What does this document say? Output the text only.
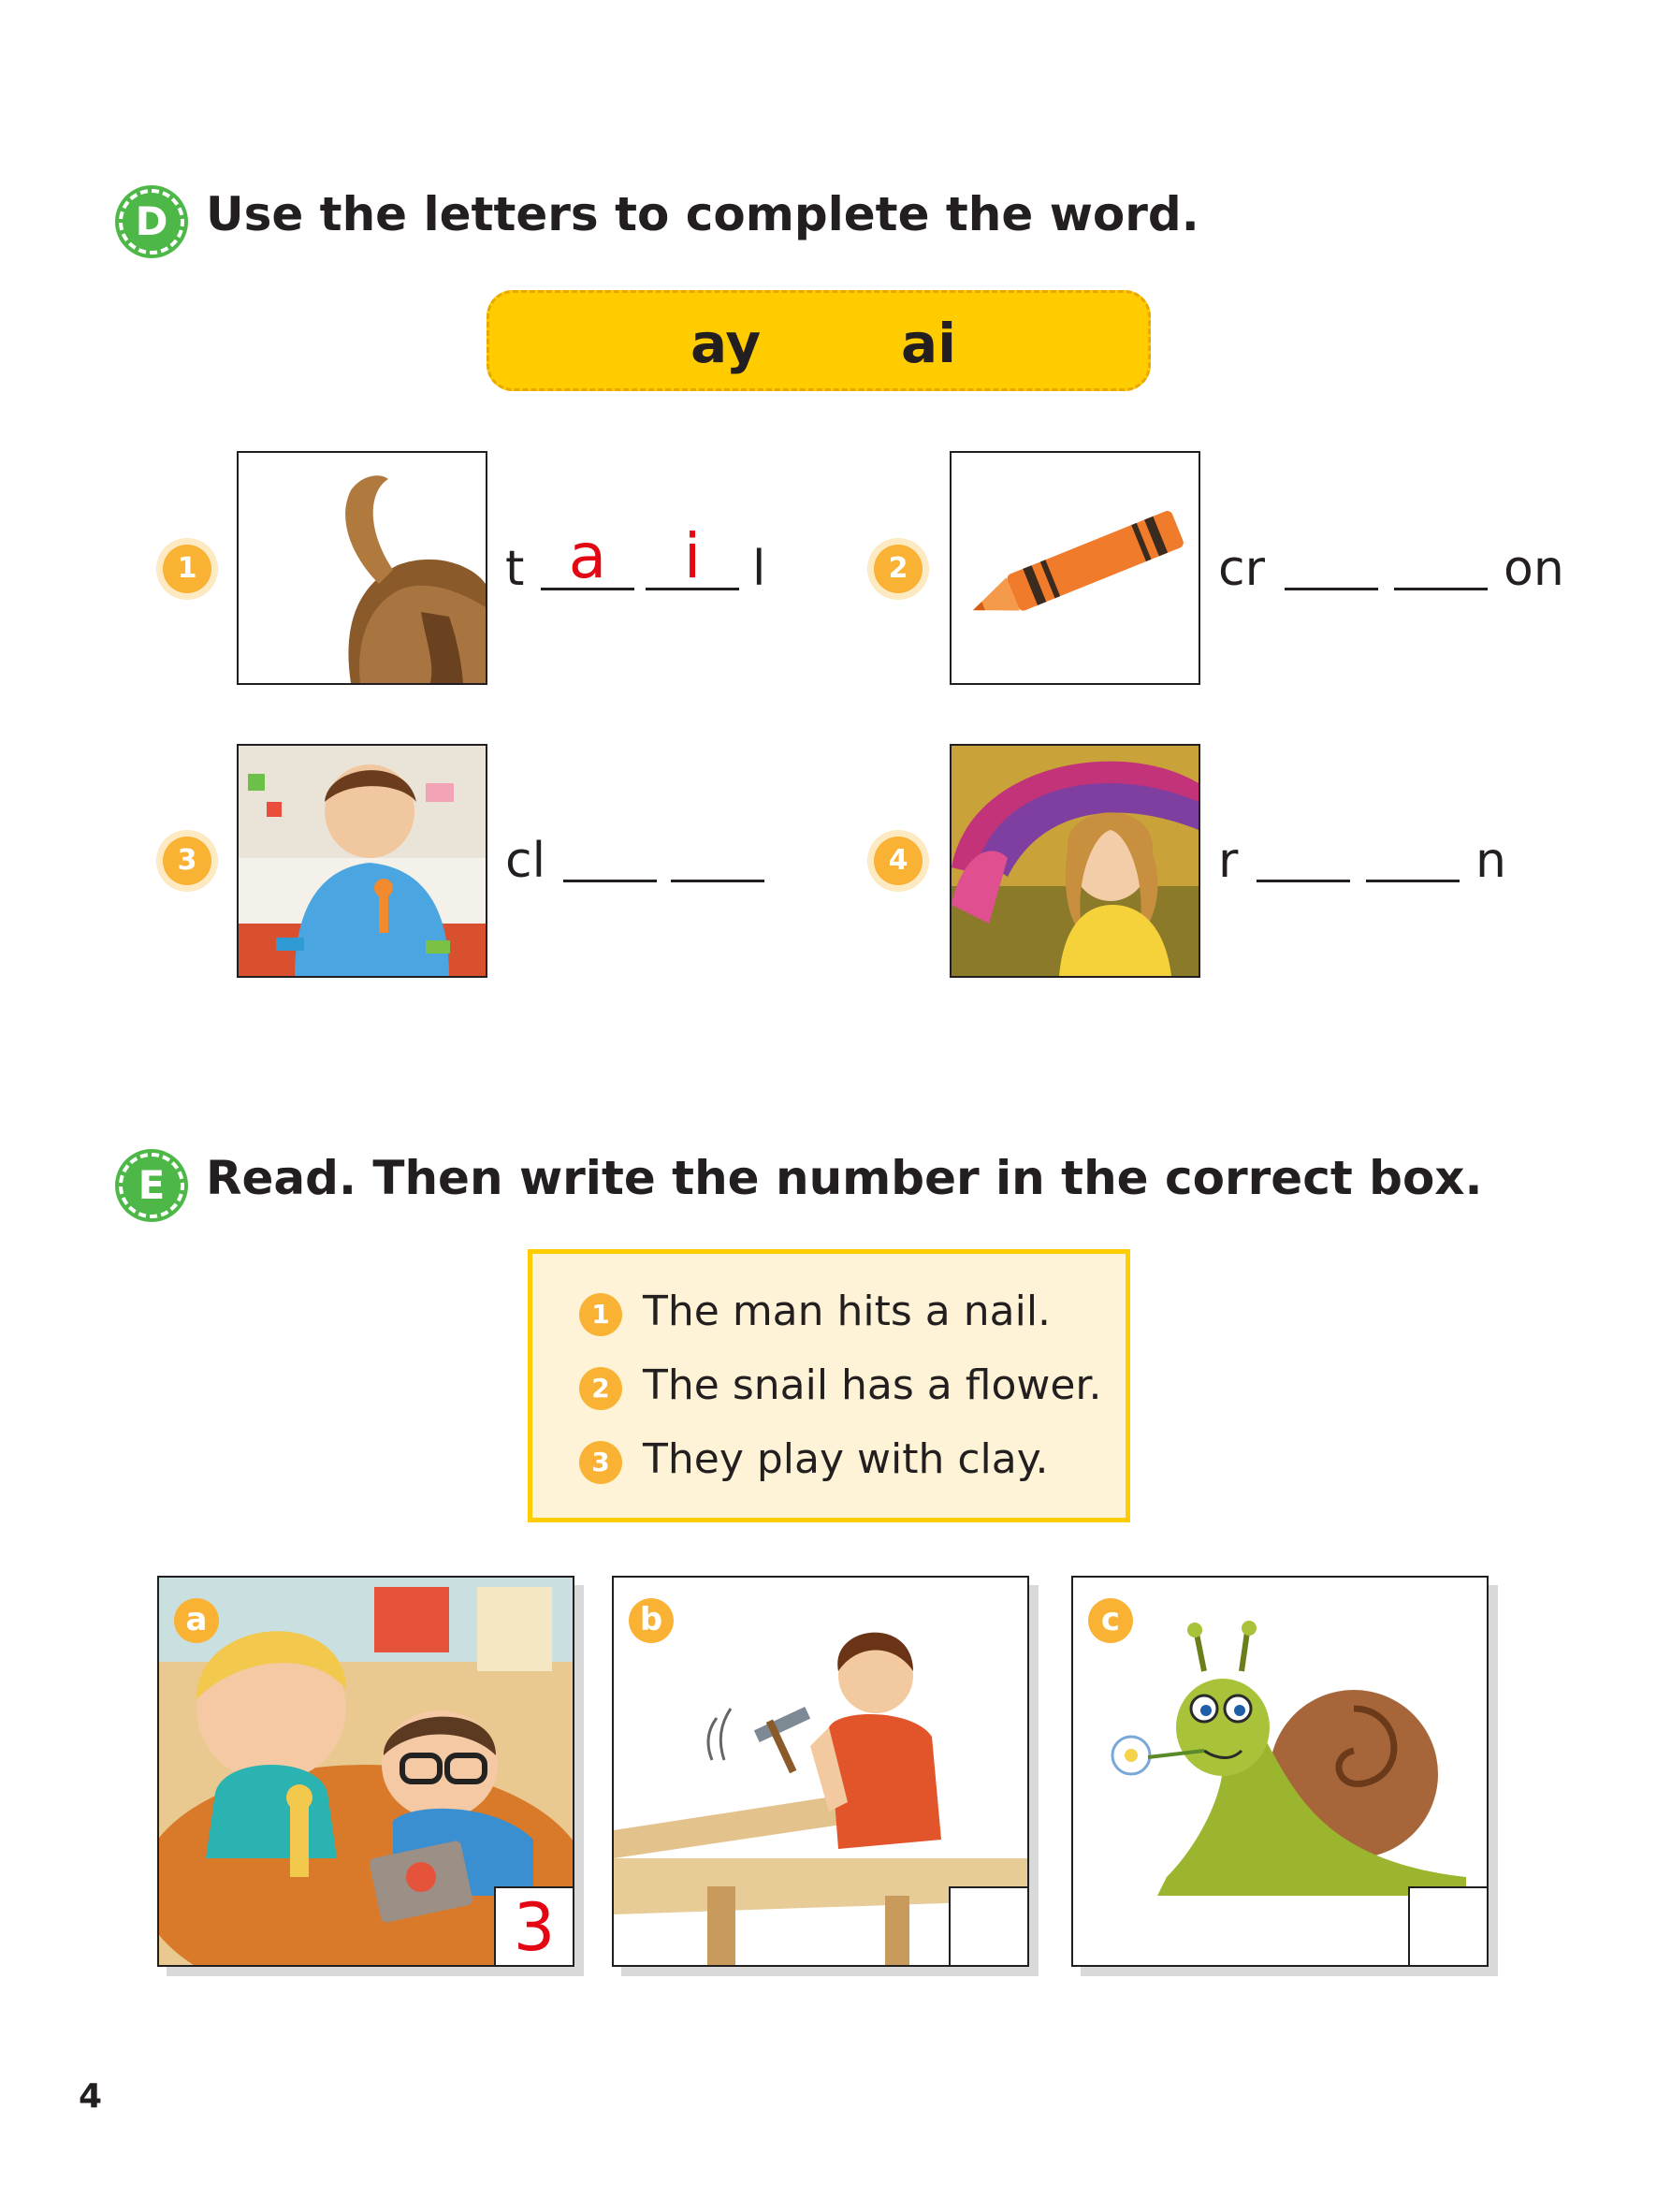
D Use the letters to complete the word.
ay	ai
1	t a	i	l	2	cr	on
3	cl	4	r	n
E Read. Then write the number in the correct box.
1 The man hits a nail.
2 The snail has a flower.
3 They play with clay.
a
3
b	c
4
